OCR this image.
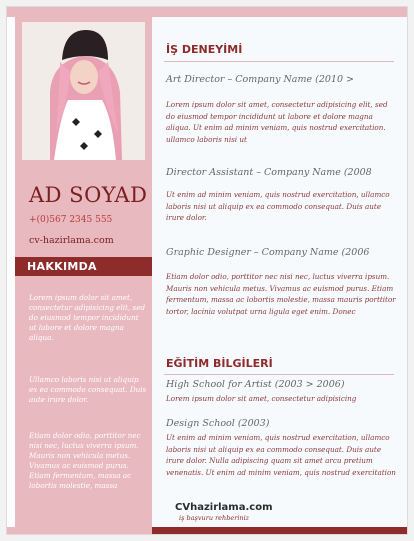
AD SOYAD
+(0)567 2345 555
cv-hazirlama.com
HAKKIMDA

Lorem ipsum dolor sit amet, consectetur adipisicing elit, sed do eiusmod tempor incididunt ut labore et dolore magna aliqua.

Ullamco laboris nisi ut aliquip ex ea commodo consequat. Duis aute irure dolor.

Etiam dolor odio, porttitor nec nisi nec, luctus viverra ipsum. Mauris non vehicula metus. Vivamus ac euismod purus. Etiam fermentum, massa ac lobortis molestie, massa

İŞ DENEYİMİ
Art Director – Company Name (2010 >

Lorem ipsum dolor sit amet, consectetur adipisicing elit, sed do eiusmod tempor incididunt ut labore et dolore magna aliqua. Ut enim ad minim veniam, quis nostrud exercitation. ullamco laboris nisi ut

Director Assistant – Company Name (2008

Ut enim ad minim veniam, quis nostrud exercitation, ullamco laboris nisi ut aliquip ex ea commodo consequat. Duis aute irure dolor.

Graphic Designer – Company Name (2006

Etiam dolor odio, porttitor nec nisi nec, luctus viverra ipsum. Mauris non vehicula metus. Vivamus ac euismod purus. Etiam fermentum, massa ac lobortis molestie, massa mauris porttitor tortor, lacinia volutpat urna ligula eget enim. Donec

EĞİTİM BİLGİLERİ
High School for Artist (2003 > 2006)

Lorem ipsum dolor sit amet, consectetur adipisicing

Design School (2003)

Ut enim ad minim veniam, quis nostrud exercitation, ullamco laboris nisi ut aliquip ex ea commodo consequat. Duis aute irure dolor. Nulla adipiscing quam sit amet arcu pretium venenatis. Ut enim ad minim veniam, quis nostrud exercitation

CVhazirlama.com
iş başvuru rehberiniz
